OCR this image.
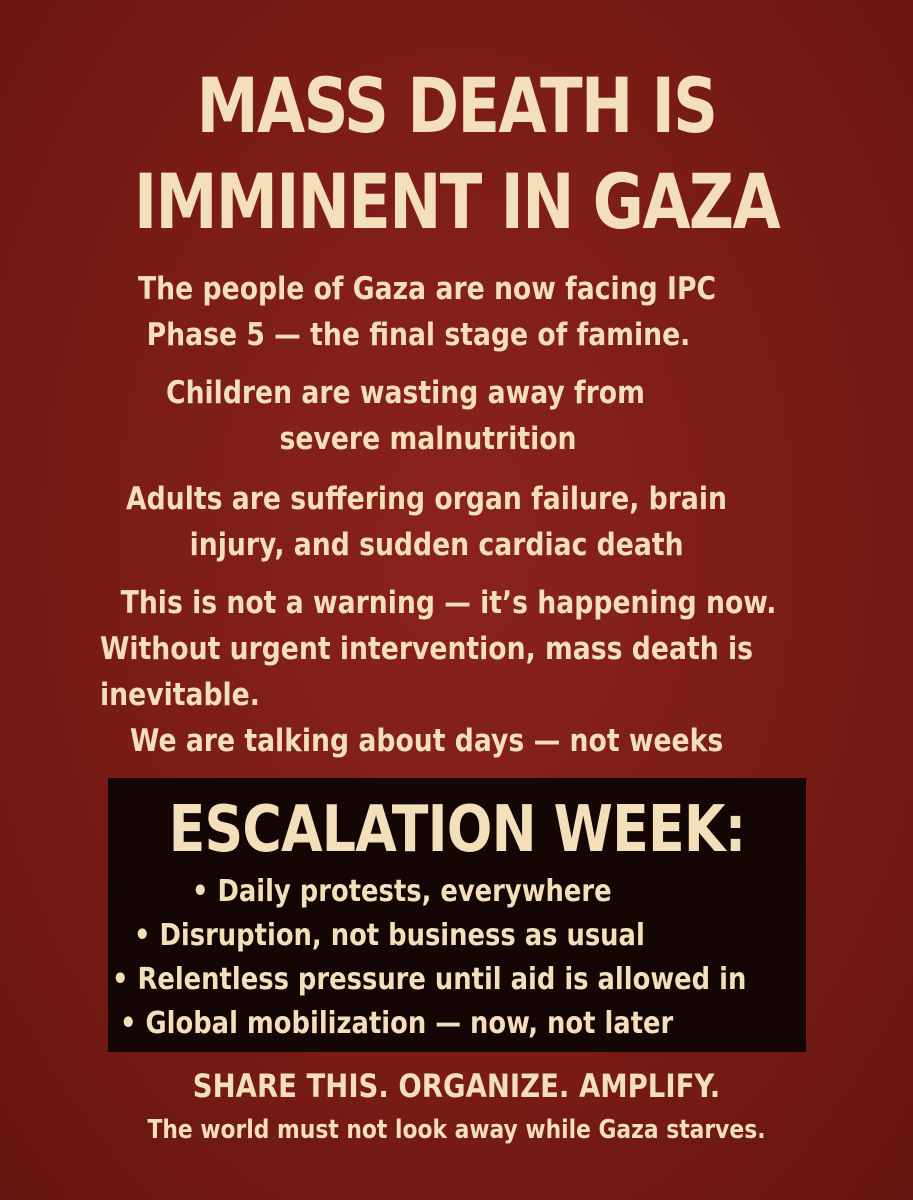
MASS DEATH IS
IMMINENT IN GAZA

The people of Gaza are now facing IPC
Phase 5 — the final stage of famine.

Children are wasting away from
severe malnutrition

Adults are suffering organ failure, brain
injury, and sudden cardiac death

This is not a warning — it’s happening now.
Without urgent intervention, mass death is
inevitable.

We are talking about days — not weeks

ESCALATION WEEK:
• Daily protests, everywhere
• Disruption, not business as usual
• Relentless pressure until aid is allowed in
• Global mobilization — now, not later
SHARE THIS. ORGANIZE. AMPLIFY.
The world must not look away while Gaza starves.
